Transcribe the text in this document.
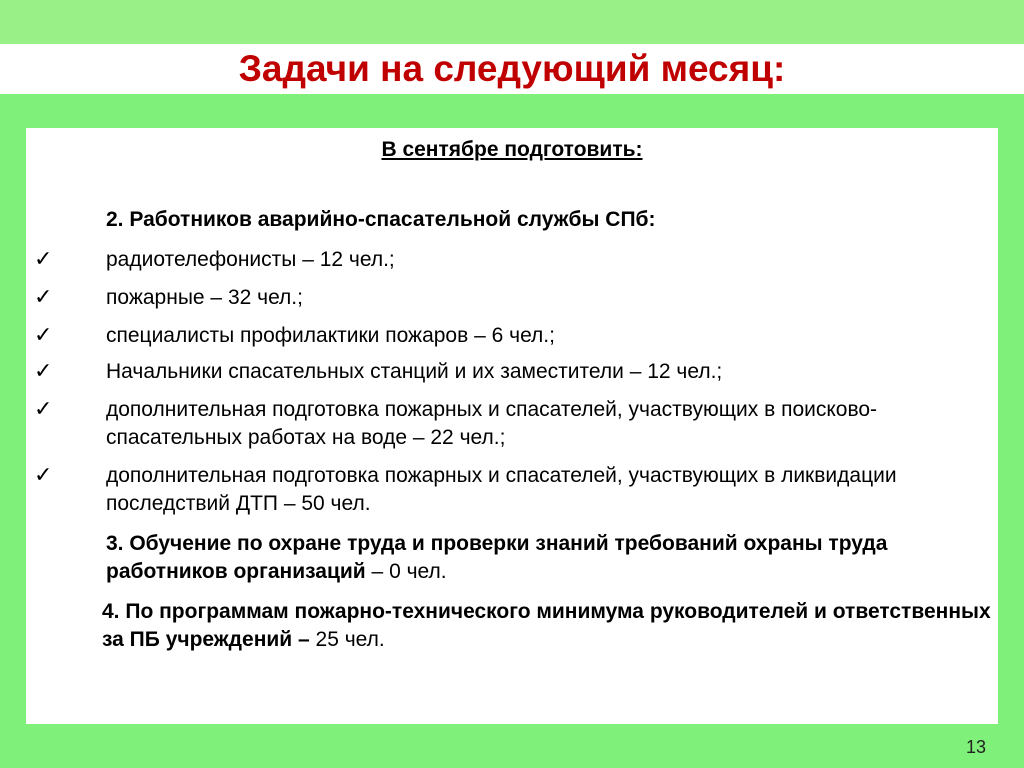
Задачи на следующий месяц:
В сентябре подготовить:
2. Работников аварийно-спасательной службы СПб:
✓	радиотелефонисты – 12 чел.;
✓	пожарные – 32 чел.;
✓	специалисты профилактики пожаров – 6 чел.;
✓	Начальники спасательных станций и их заместители – 12 чел.;
✓	дополнительная подготовка пожарных и спасателей, участвующих в поисково-спасательных работах на воде – 22 чел.;
✓	дополнительная подготовка пожарных и спасателей, участвующих в ликвидации последствий ДТП – 50 чел.
3. Обучение по охране труда и проверки знаний требований охраны труда работников организаций – 0 чел.
4. По программам пожарно-технического минимума руководителей и ответственных за ПБ учреждений – 25 чел.
13
